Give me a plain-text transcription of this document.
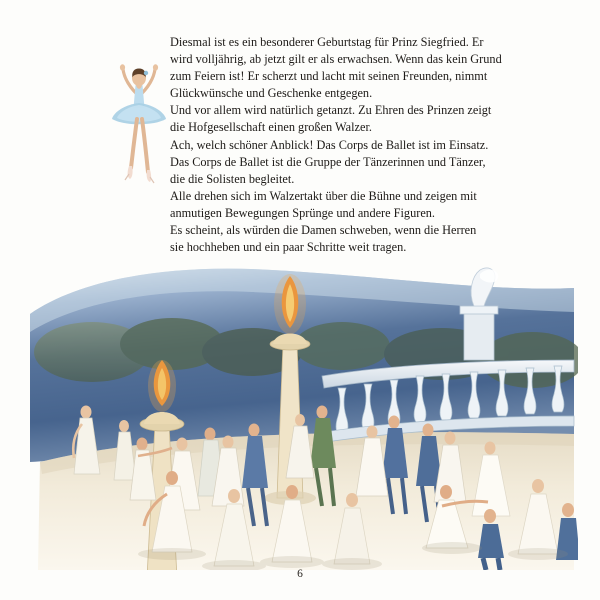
Diesmal ist es ein besonderer Geburtstag für Prinz Siegfried. Er

wird volljährig, ab jetzt gilt er als erwachsen. Wenn das kein Grund

zum Feiern ist! Er scherzt und lacht mit seinen Freunden, nimmt

Glückwünsche und Geschenke entgegen.

Und vor allem wird natürlich getanzt. Zu Ehren des Prinzen zeigt

die Hofgesellschaft einen großen Walzer.

Ach, welch schöner Anblick! Das Corps de Ballet ist im Einsatz.

Das Corps de Ballet ist die Gruppe der Tänzerinnen und Tänzer,

die die Solisten begleitet.

Alle drehen sich im Walzertakt über die Bühne und zeigen mit

anmutigen Bewegungen Sprünge und andere Figuren.

Es scheint, als würden die Damen schweben, wenn die Herren

sie hochheben und ein paar Schritte weit tragen.

6
